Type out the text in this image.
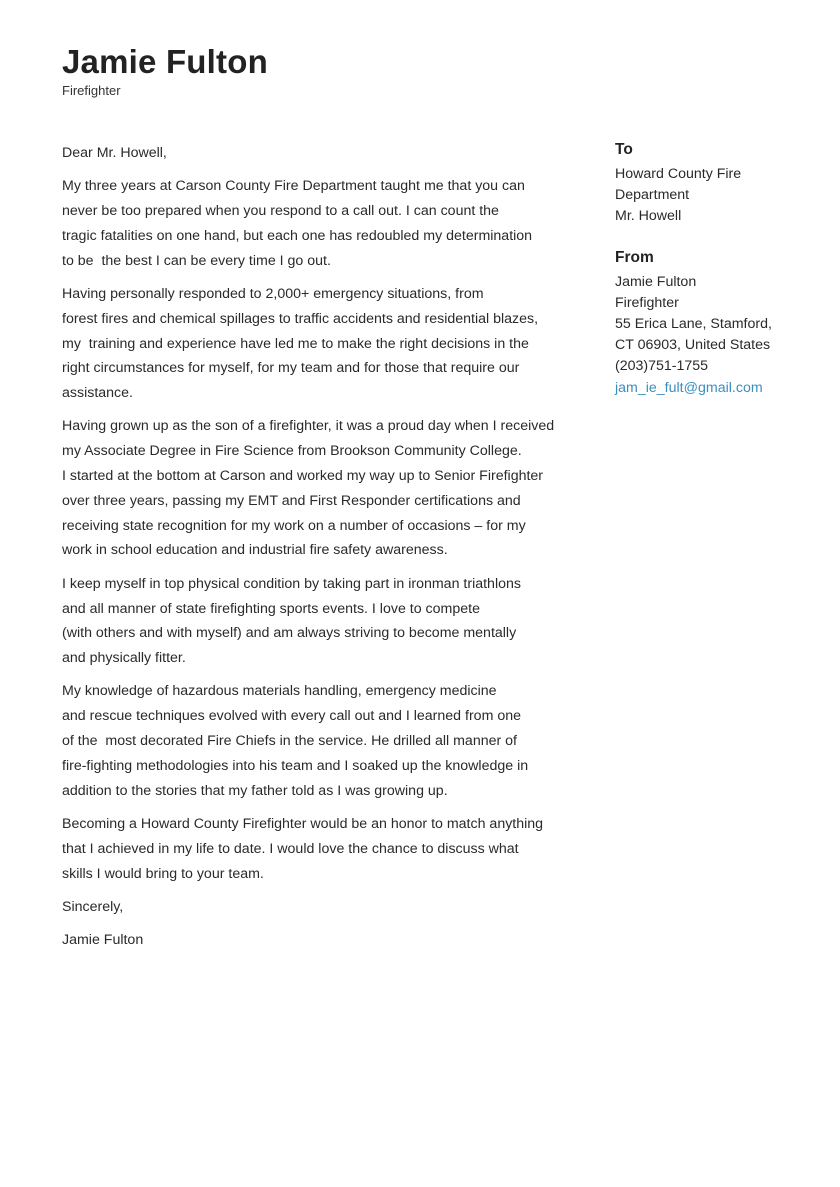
Jamie Fulton
Firefighter

Dear Mr. Howell,

My three years at Carson County Fire Department taught me that you can
never be too prepared when you respond to a call out. I can count the
tragic fatalities on one hand, but each one has redoubled my determination
to be  the best I can be every time I go out.

Having personally responded to 2,000+ emergency situations, from
forest fires and chemical spillages to traffic accidents and residential blazes,
my  training and experience have led me to make the right decisions in the
right circumstances for myself, for my team and for those that require our
assistance.

Having grown up as the son of a firefighter, it was a proud day when I received
my Associate Degree in Fire Science from Brookson Community College.
I started at the bottom at Carson and worked my way up to Senior Firefighter
over three years, passing my EMT and First Responder certifications and
receiving state recognition for my work on a number of occasions – for my
work in school education and industrial fire safety awareness.

I keep myself in top physical condition by taking part in ironman triathlons
and all manner of state firefighting sports events. I love to compete
(with others and with myself) and am always striving to become mentally
and physically fitter.

My knowledge of hazardous materials handling, emergency medicine
and rescue techniques evolved with every call out and I learned from one
of the  most decorated Fire Chiefs in the service. He drilled all manner of
fire-fighting methodologies into his team and I soaked up the knowledge in
addition to the stories that my father told as I was growing up.

Becoming a Howard County Firefighter would be an honor to match anything
that I achieved in my life to date. I would love the chance to discuss what
skills I would bring to your team.

Sincerely,

Jamie Fulton

To
Howard County Fire
Department
Mr. Howell
From
Jamie Fulton
Firefighter
55 Erica Lane, Stamford,
CT 06903, United States
(203)751-1755
jam_ie_fult@gmail.com
